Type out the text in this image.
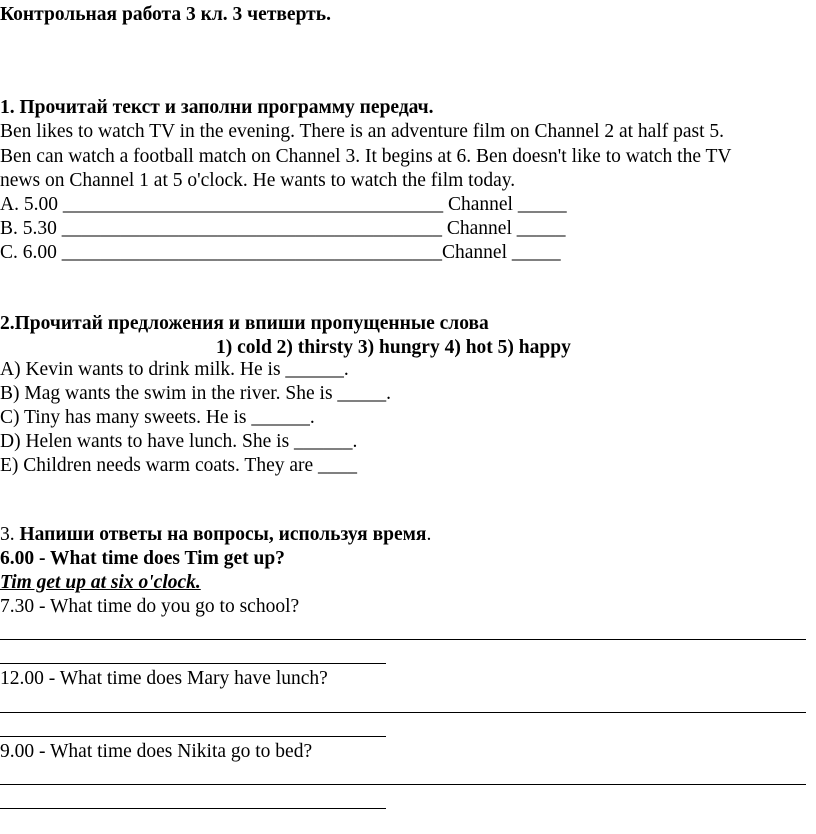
Контрольная работа 3 кл. 3 четверть.
1. Прочитай текст и заполни программу передач.
Ben likes to watch TV in the evening. There is an adventure film on Channel 2 at half past 5.
Ben can watch a football match on Channel 3. It begins at 6. Ben doesn't like to watch the TV
news on Channel 1 at 5 o'clock. He wants to watch the film today.
A. 5.00 _______________________________________ Channel _____
B. 5.30 _______________________________________ Channel _____
C. 6.00 _______________________________________Channel _____
2.Прочитай предложения и впиши пропущенные слова
1) cold 2) thirsty 3) hungry 4) hot 5) happy
A) Kevin wants to drink milk. He is ______.
B) Mag wants the swim in the river. She is _____.
C) Tiny has many sweets. He is ______.
D) Helen wants to have lunch. She is ______.
E) Children needs warm coats. They are ____
3. Напиши ответы на вопросы, используя время.
6.00 - What time does Tim get up?
Tim get up at six o'clock.
7.30 - What time do you go to school?
12.00 - What time does Mary have lunch?
9.00 - What time does Nikita go to bed?
